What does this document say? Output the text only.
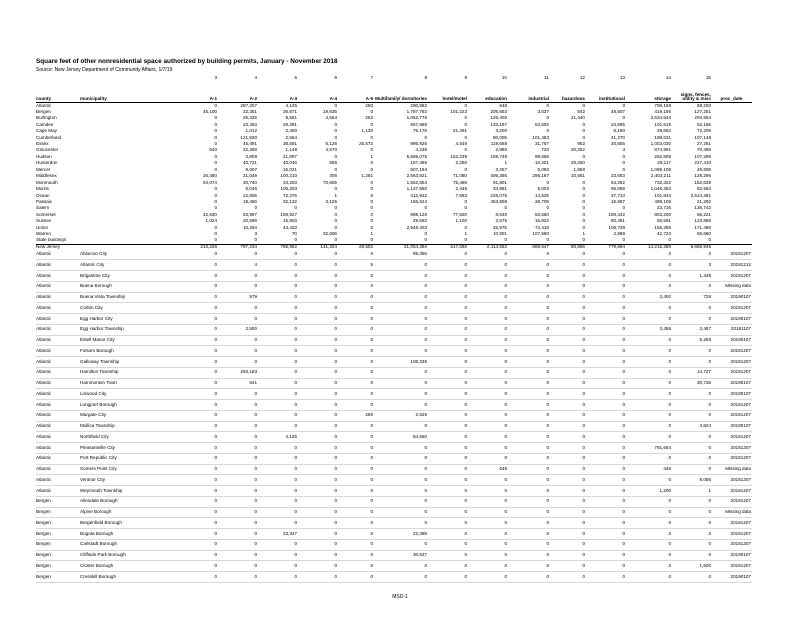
Square feet of other nonresidential space authorized by building permits, January - November 2018
Source: New Jersey Department of Community Affairs, 1/7/19
		3	4	5	6	7	8	9	10	11	12	13	14	15	
county	municipality	A-1	A-2	A-3	A-4	A-5	Multifamily/ dormitories	hotel/motel	education	industrial	hazardous	institutional	storage	signs, fences, utility & misc	proc_date
Atlantic		0	287,207	4,125	0	250	290,882	0	648	0	0	0	799,168	68,203	
Bergen		45,100	22,351	36,871	19,635	0	1,787,792	101,223	205,693	3,037	542	48,507	419,166	127,251	
Burlington		0	25,325	9,551	4,564	262	1,062,776	0	126,400	0	21,440	0	3,524,644	294,564	
Camden		0	23,463	28,391	0	0	667,888	0	133,197	53,592	0	24,595	101,619	52,166	
Cape May		0	1,012	2,400	0	1,130	75,176	21,491	3,200	0	0	6,180	29,652	72,209	
Cumberland		0	121,930	2,564	0	0	0	0	90,006	101,483	0	41,270	198,631	107,148	
Essex		0	45,491	38,591	5,126	25,572	995,926	4,549	119,558	31,757	952	20,655	1,003,030	27,251	
Gloucester		640	22,358	1,148	4,570	0	4,236	0	2,880	720	20,252	3	874,991	70,469	
Hudson		0	3,809	21,807	0	1	5,665,075	152,239	159,748	99,668	0	0	262,805	107,296	
Hunterdon		0	40,721	40,046	666	0	187,486	2,250	1	10,201	25,250	0	28,117	227,410	
Mercer		0	9,607	15,021	0	0	507,194	0	3,257	5,050	1,868	0	1,089,106	49,808	
Middlesex		26,460	21,049	100,210	406	1,281	2,563,821	71,080	406,395	286,187	10,561	23,653	2,403,211	128,296	
Monmouth		94,074	30,740	34,203	70,605	0	1,552,554	75,468	91,801	0	0	84,252	732,322	152,639	
Morris		0	6,046	106,203	0	0	1,137,950	2,446	34,891	5,003	0	96,659	1,046,363	82,563	
Ocean		0	22,806	72,376	1	6	412,922	7,693	228,078	14,526	0	37,713	101,843	3,514,381	
Passaic		0	18,456	32,132	3,125	0	166,624	0	453,808	28,705	0	16,687	499,105	21,292	
Salem		0	0	0	0	0	0	0	0	0	0	0	23,716	136,742	
Somerset		42,930	63,997	159,927	0	0	998,126	77,520	8,640	53,680	0	189,342	803,200	55,221	
Sussex		1,024	20,599	15,903	0	0	29,563	1,100	2,576	15,922	0	80,451	56,591	123,886	
Union		0	10,264	44,423	0	0	2,948,403	0	32,875	72,416	0	106,739	155,365	171,490	
Warren		0	3	70	32,606	1	0	1	10,901	107,680	1	2,988	42,724	66,660	
State buildings		0	0	0	0	0	0	0	0	0	0	0	0	0	
New Jersey		210,228	797,234	765,962	141,324	28,503	21,054,394	517,060	2,114,553	889,647	80,866	779,894	14,215,369	5,656,945	
Atlantic	Absecon City	0	0	0	0	0	95,356	0	0	0	0	0	0	0	20181207
Atlantic	Atlantic City	0	4	0	0	5	0	0	0	0	0	0	0	3	20181212
Atlantic	Brigantine City	0	0	0	0	0	0	0	0	0	0	0	0	1,348	20181207
Atlantic	Buena Borough	0	0	0	0	0	0	0	0	0	0	0	0	0	Missing data
Atlantic	Buena Vista Township	0	579	0	0	0	0	0	0	0	0	0	2,400	728	20190107
Atlantic	Corbin City	0	0	0	0	0	0	0	0	0	0	0	0	0	20181207
Atlantic	Egg Harbor City	0	0	0	0	0	0	0	0	0	0	0	0	0	20190107
Atlantic	Egg Harbor Township	0	2,500	0	0	0	0	0	0	0	0	0	3,456	2,467	20181107
Atlantic	Estell Manor City	0	0	0	0	0	0	0	0	0	0	0	0	5,293	20190107
Atlantic	Folsom Borough	0	0	0	0	0	0	0	0	0	0	0	0	0	20181207
Atlantic	Galloway Township	0	0	0	0	0	108,336	0	0	0	0	0	0	0	20181207
Atlantic	Hamilton Township	0	283,183	0	0	0	0	0	0	0	0	0	0	14,727	20181207
Atlantic	Hammonton Town	0	941	0	0	0	0	0	0	0	0	0	0	30,728	20190107
Atlantic	Linwood City	0	0	0	0	0	0	0	0	0	0	0	0	0	20190107
Atlantic	Longport Borough	0	0	0	0	0	0	0	0	0	0	0	0	0	20181207
Atlantic	Margate City	0	0	0	0	250	2,625	0	0	0	0	0	0	0	20181207
Atlantic	Mullica Township	0	0	0	0	0	0	0	0	0	0	0	0	4,824	20190107
Atlantic	Northfield City	0	0	4,125	0	0	84,560	0	0	0	0	0	0	0	20181207
Atlantic	Pleasantville City	0	0	0	0	0	0	0	0	0	0	0	791,664	0	20181207
Atlantic	Port Republic City	0	0	0	0	0	0	0	0	0	0	0	0	0	20181207
Atlantic	Somers Point City	0	0	0	0	0	0	0	648	0	0	0	448	0	Missing data
Atlantic	Ventnor City	0	0	0	0	0	0	0	0	0	0	0	0	8,086	20181207
Atlantic	Weymouth Township	0	0	0	0	0	0	0	0	0	0	0	1,200	1	20181207
Bergen	Allendale Borough	0	0	0	0	0	0	0	0	0	0	0	0	0	20181207
Bergen	Alpine Borough	0	0	0	0	0	0	0	0	0	0	0	0	0	Missing data
Bergen	Bergenfield Borough	0	0	0	0	0	0	0	0	0	0	0	0	0	20181207
Bergen	Bogota Borough	0	0	23,347	0	0	22,399	0	0	0	0	0	0	0	20181207
Bergen	Carlstadt Borough	0	0	0	0	0	0	0	0	0	0	0	0	0	20181207
Bergen	Cliffside Park Borough	0	0	0	0	0	30,627	0	0	0	0	0	0	0	20190107
Bergen	Closter Borough	0	0	0	0	0	0	0	0	0	0	0	0	1,500	20181207
Bergen	Cresskill Borough	0	0	0	0	0	0	0	0	0	0	0	0	0	20190107
MSD-1
